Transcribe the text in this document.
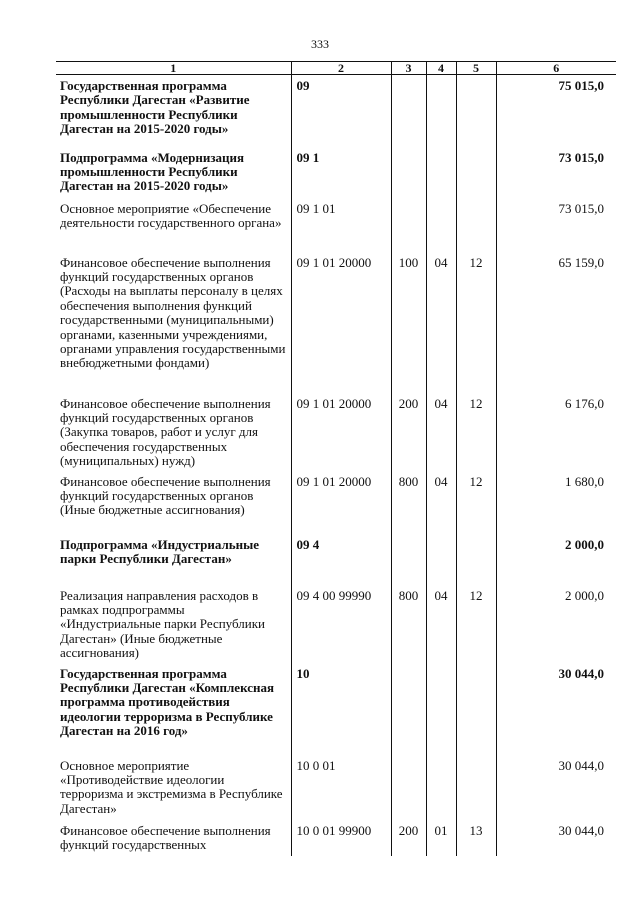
333
1	2	3	4	5	6
Государственная программа Республики Дагестан «Развитие промышленности Республики Дагестан на 2015-2020 годы»	09				75 015,0
Подпрограмма «Модернизация промышленности Республики Дагестан на 2015-2020 годы»	09 1				73 015,0
Основное мероприятие «Обеспечение деятельности государственного органа»	09 1 01				73 015,0
Финансовое обеспечение выполнения функций государственных органов (Расходы на выплаты персоналу в целях обеспечения выполнения функций государственными (муниципальными) органами, казенными учреждениями, органами управления государственными внебюджетными фондами)	09 1 01 20000	100	04	12	65 159,0
Финансовое обеспечение выполнения функций государственных органов (Закупка товаров, работ и услуг для обеспечения государственных (муниципальных) нужд)	09 1 01 20000	200	04	12	6 176,0
Финансовое обеспечение выполнения функций государственных органов (Иные бюджетные ассигнования)	09 1 01 20000	800	04	12	1 680,0
Подпрограмма «Индустриальные парки Республики Дагестан»	09 4				2 000,0
Реализация направления расходов в рамках подпрограммы «Индустриальные парки Республики Дагестан» (Иные бюджетные ассигнования)	09 4 00 99990	800	04	12	2 000,0
Государственная программа Республики Дагестан «Комплексная программа противодействия идеологии терроризма в Республике Дагестан на 2016 год»	10				30 044,0
Основное мероприятие «Противодействие идеологии терроризма и экстремизма в Республике Дагестан»	10 0 01				30 044,0
Финансовое обеспечение выполнения функций государственных	10 0 01 99900	200	01	13	30 044,0
